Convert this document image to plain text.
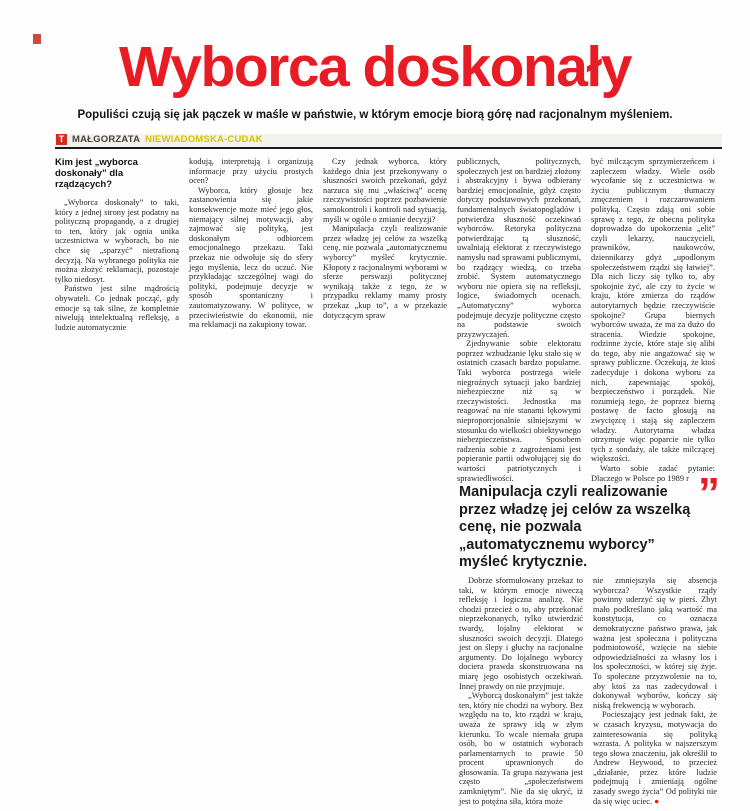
Wyborca doskonały

Populiści czują się jak pączek w maśle w państwie, w którym emocje biorą górę nad racjonalnym myśleniem.

T MAŁGORZATA NIEWIADOMSKA-CUDAK
Kim jest „wyborca doskonały” dla rządzących?

„Wyborca doskonały” to taki, który z jednej strony jest podatny na polityczną propagandę, a z drugiej to ten, który jak ognia unika uczestnictwa w wyborach, bo nie chce się „sparzyć” nietrafioną decyzją. Na wybranego polityka nie można złożyć reklamacji, pozostaje tylko niedosyt.

Państwo jest silne mądrością obywateli. Co jednak począć, gdy emocje są tak silne, że kompletnie niwelują intelektualną refleksję, a ludzie automatycznie

kodują, interpretują i organizują informacje przy użyciu prostych ocen?

Wyborca, który głosuje bez zastanowienia się jakie konsekwencje może mieć jego głos, niemający silnej motywacji, aby zajmować się polityką, jest doskonałym odbiorcem emocjonalnego przekazu. Taki przekaz nie odwołuje się do sfery jego myślenia, lecz do uczuć. Nie przykładając szczególnej wagi do polityki, podejmuje decyzje w sposób spontaniczny i zautomatyzowany. W polityce, w przeciwieństwie do ekonomii, nie ma reklamacji na zakupiony towar.

Czy jednak wyborca, który każdego dnia jest przekonywany o słuszności swoich przekonań, gdyż narzuca się mu „właściwą” ocenę rzeczywistości poprzez pozbawienie samokontroli i kontroli nad sytuacją, myśli w ogóle o zmianie decyzji?

Manipulacja czyli realizowanie przez władzę jej celów za wszelką cenę, nie pozwala „automatycznemu wyborcy” myśleć krytycznie. Kłopoty z racjonalnymi wyborami w sferze perswazji politycznej wynikają także z tego, że w przypadku reklamy mamy prosty przekaz „kup to”, a w przekazie dotyczącym spraw

publicznych, politycznych, społecznych jest on bardziej złożony i abstrakcyjny i bywa odbierany bardziej emocjonalnie, gdyż często dotyczy podstawowych przekonań, fundamentalnych światopoglądów i potwierdza słuszność oczekiwań wyborców. Retoryka polityczna potwierdzając tą słuszność, uwalniają elektorat z rzeczywistego namysłu nad sprawami publicznymi, bo rządzący wiedzą, co trzeba zrobić. System automatycznego wyboru nie opiera się na refleksji, logice, świadomych ocenach. „Automatyczny” wyborca podejmuje decyzje polityczne często na podstawie swoich przyzwyczajeń.

Zjednywanie sobie elektoratu poprzez wzbudzanie lęku stało się w ostatnich czasach bardzo popularne. Taki wyborca postrzega wiele niegroźnych sytuacji jako bardziej niebezpieczne niż są w rzeczywistości. Jednostka ma reagować na nie stanami lękowymi nieproporcjonalnie silniejszymi w stosunku do wielkości obiektywnego niebezpieczeństwa. Sposobem radzenia sobie z zagrożeniami jest popieranie partii odwołującej się do wartości patriotycznych i sprawiedliwości.

być milczącym sprzymierzeńcem i zapleczem władzy. Wiele osób wycofanie się z uczestnictwa w życiu publicznym tłumaczy zmęczeniem i rozczarowaniem polityką. Często zdają oni sobie sprawę z tego, że obecna polityka doprowadza do upokorzenia „elit” czyli lekarzy, nauczycieli, prawników, naukowców, dziennikarzy gdyż „upodlonym społeczeństwem rządzi się łatwiej”. Dla nich liczy się tylko to, aby spokojnie żyć, ale czy to życie w kraju, które zmierza do rządów autorytarnych będzie rzeczywiście spokojne? Grupa biernych wyborców uważa, że ma za dużo do stracenia. Wiedzie spokojne, rodzinne życie, które staje się alibi do tego, aby nie angażować się w sprawy publiczne. Oczekują, że ktoś zadecyduje i dokona wyboru za nich, zapewniając spokój, bezpieczeństwo i porządek. Nie rozumieją tego, że poprzez bierną postawę de facto głosują na zwycięzcę i stają się zapleczem władzy. Autorytarna władza otrzymuje więc poparcie nie tylko tych z sondaży, ale także milczącej większości.

Warto sobie zadać pytanie: Dlaczego w Polsce po 1989 r ”

Manipulacja czyli realizowanie przez władzę jej celów za wszelką cenę, nie pozwala „automatycznemu wyborcy” myśleć krytycznie.

Dobrze sformułowany przekaz to taki, w którym emocje niweczą refleksję i logiczna analizę. Nie chodzi przecież o to, aby przekonać nieprzekonanych, tylko utwierdzić twardy, lojalny elektorat w słuszności swoich decyzji. Dlatego jest on ślepy i głuchy na racjonalne argumenty. Do lojalnego wyborcy dociera prawda skonstruowana na miarę jego osobistych oczekiwań. Innej prawdy on nie przyjmuje.

„Wyborcą doskonałym” jest także ten, który nie chodzi na wybory. Bez względu na to, kto rządzi w kraju, uważa że sprawy idą w złym kierunku. To wcale niemała grupa osób, bo w ostatnich wyborach parlamentarnych to prawie 50 procent uprawnionych do głosowania. Ta grupa nazywana jest często „społeczeństwem zamkniętym”. Nie da się ukryć, iż jest to potężna siła, która może

nie zmniejszyła się absencja wyborcza? Wszystkie rządy powinny uderzyć się w pierś. Zbyt mało podkreślano jaką wartość ma konstytucja, co oznacza demokratyczne państwo prawa, jak ważna jest społeczna i polityczna podmiotowość, wzięcie na siebie odpowiedzialności za własny los i los społeczności, w której się żyje. To społeczne przyzwolenie na to, aby ktoś za nas zadecydował i dokonywał wyborów, kończy się niską frekwencją w wyborach.

Pocieszający jest jednak fakt, że w czasach kryzysu, motywacja do zainteresowania się polityką wzrasta. A polityka w najszerszym tego słowa znaczeniu, jak określił to Andrew Heywood, to przecież „działanie, przez które ludzie podejmują i zmieniają ogólne zasady swego życia” Od polityki nie da się więc uciec. ●
